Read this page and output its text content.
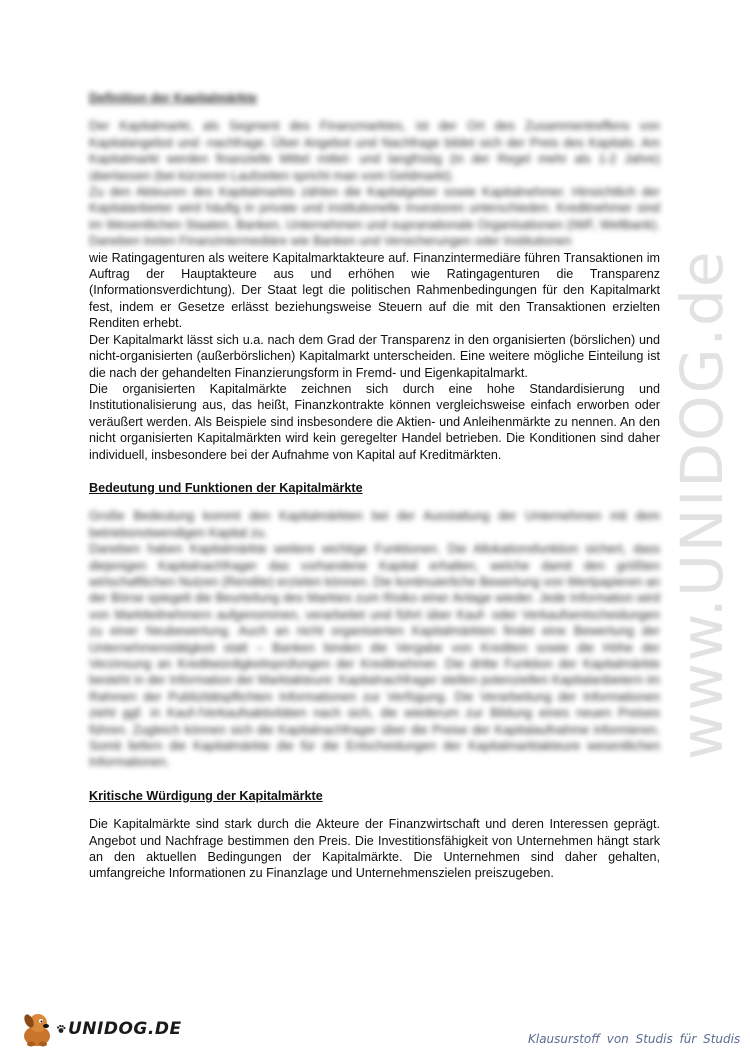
www.UNIDOG.de

Definition der Kapitalmärkte

Der Kapitalmarkt, als Segment des Finanzmarktes, ist der Ort des Zusammentreffens von Kapitalangebot und -nachfrage. Über Angebot und Nachfrage bildet sich der Preis des Kapitals. Am Kapitalmarkt werden finanzielle Mittel mittel- und langfristig (in der Regel mehr als 1-2 Jahre) überlassen (bei kürzeren Laufzeiten spricht man vom Geldmarkt).

Zu den Akteuren des Kapitalmarkts zählen die Kapitalgeber sowie Kapitalnehmer. Hinsichtlich der Kapitalanbieter wird häufig in private und institutionelle Investoren unterschieden. Kreditnehmer sind im Wesentlichen Staaten, Banken, Unternehmen und supranationale Organisationen (IWF, Weltbank). Daneben treten Finanzintermediäre wie Banken und Versicherungen oder Institutionen

wie Ratingagenturen als weitere Kapitalmarktakteure auf. Finanzintermediäre führen Transaktionen im Auftrag der Hauptakteure aus und erhöhen wie Ratingagenturen die Transparenz (Informationsverdichtung). Der Staat legt die politischen Rahmenbedingungen für den Kapitalmarkt fest, indem er Gesetze erlässt beziehungsweise Steuern auf die mit den Transaktionen erzielten Renditen erhebt.

Der Kapitalmarkt lässt sich u.a. nach dem Grad der Transparenz in den organisierten (börslichen) und nicht-organisierten (außerbörslichen) Kapitalmarkt unterscheiden. Eine weitere mögliche Einteilung ist die nach der gehandelten Finanzierungsform in Fremd- und Eigenkapitalmarkt.

Die organisierten Kapitalmärkte zeichnen sich durch eine hohe Standardisierung und Institutionalisierung aus, das heißt, Finanzkontrakte können vergleichsweise einfach erworben oder veräußert werden. Als Beispiele sind insbesondere die Aktien- und Anleihenmärkte zu nennen. An den nicht organisierten Kapitalmärkten wird kein geregelter Handel betrieben. Die Konditionen sind daher individuell, insbesondere bei der Aufnahme von Kapital auf Kreditmärkten.

Bedeutung und Funktionen der Kapitalmärkte

Große Bedeutung kommt den Kapitalmärkten bei der Ausstattung der Unternehmen mit dem betriebsnotwendigen Kapital zu.

Daneben haben Kapitalmärkte weitere wichtige Funktionen. Die Allokationsfunktion sichert, dass diejenigen Kapitalnachfrager das vorhandene Kapital erhalten, welche damit den größten wirtschaftlichen Nutzen (Rendite) erzielen können. Die kontinuierliche Bewertung von Wertpapieren an der Börse spiegelt die Beurteilung des Marktes zum Risiko einer Anlage wieder. Jede Information wird von Marktteilnehmern aufgenommen, verarbeitet und führt über Kauf- oder Verkaufsentscheidungen zu einer Neubewertung. Auch an nicht organisierten Kapitalmärkten findet eine Bewertung der Unternehmenstätigkeit statt – Banken binden die Vergabe von Krediten sowie die Höhe der Verzinsung an Kreditwürdigkeitsprüfungen der Kreditnehmer. Die dritte Funktion der Kapitalmärkte besteht in der Information der Marktakteure: Kapitalnachfrager stellen potenziellen Kapitalanbietern im Rahmen der Publizitätspflichten Informationen zur Verfügung. Die Verarbeitung der Informationen zieht ggf. in Kauf-/Verkaufsaktivitäten nach sich, die wiederum zur Bildung eines neuen Preises führen. Zugleich können sich die Kapitalnachfrager über die Preise der Kapitalaufnahme informieren. Somit liefern die Kapitalmärkte die für die Entscheidungen der Kapitalmarktakteure wesentlichen Informationen.

Kritische Würdigung der Kapitalmärkte

Die Kapitalmärkte sind stark durch die Akteure der Finanzwirtschaft und deren Interessen geprägt. Angebot und Nachfrage bestimmen den Preis. Die Investitionsfähigkeit von Unternehmen hängt stark an den aktuellen Bedingungen der Kapitalmärkte. Die Unternehmen sind daher gehalten, umfangreiche Informationen zu Finanzlage und Unternehmenszielen preiszugeben.

UNIDOG.DE	Klausurstoff von Studis für Studis
